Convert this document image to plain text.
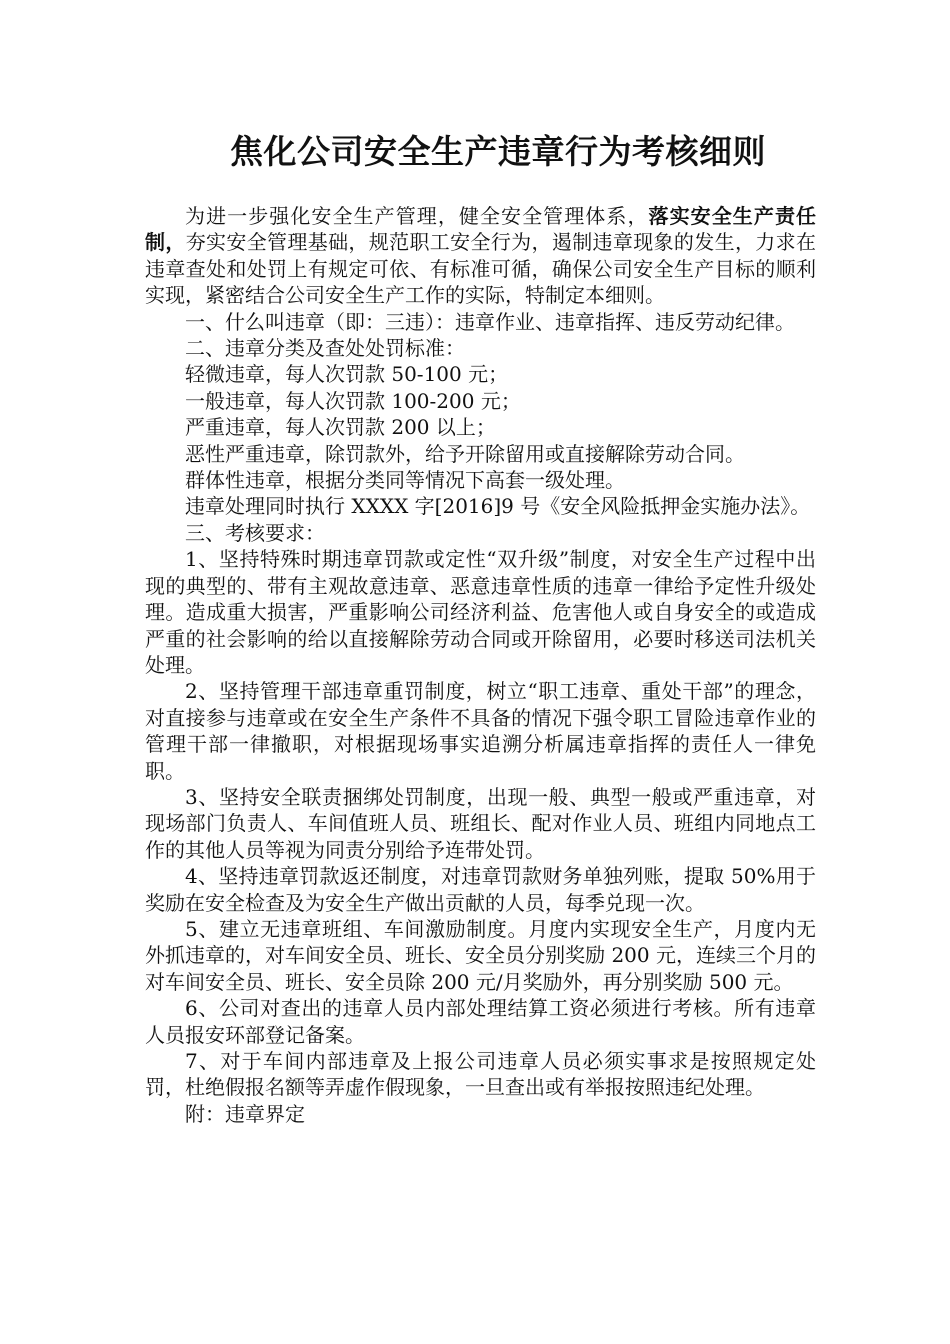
焦化公司安全生产违章行为考核细则

为进一步强化安全生产管理，健全安全管理体系，落实安全生产责任制，夯实安全管理基础，规范职工安全行为，遏制违章现象的发生，力求在违章查处和处罚上有规定可依、有标准可循，确保公司安全生产目标的顺利实现，紧密结合公司安全生产工作的实际，特制定本细则。

一、什么叫违章（即：三违）：违章作业、违章指挥、违反劳动纪律。

二、违章分类及查处处罚标准：

轻微违章，每人次罚款 50-100 元；

一般违章，每人次罚款 100-200 元；

严重违章，每人次罚款 200 以上；

恶性严重违章，除罚款外，给予开除留用或直接解除劳动合同。

群体性违章，根据分类同等情况下高套一级处理。

违章处理同时执行 XXXX 字[2016]9 号《安全风险抵押金实施办法》。

三、考核要求：

1、坚持特殊时期违章罚款或定性“双升级”制度，对安全生产过程中出现的典型的、带有主观故意违章、恶意违章性质的违章一律给予定性升级处理。造成重大损害，严重影响公司经济利益、危害他人或自身安全的或造成严重的社会影响的给以直接解除劳动合同或开除留用，必要时移送司法机关处理。

2、坚持管理干部违章重罚制度，树立“职工违章、重处干部”的理念，对直接参与违章或在安全生产条件不具备的情况下强令职工冒险违章作业的管理干部一律撤职，对根据现场事实追溯分析属违章指挥的责任人一律免职。

3、坚持安全联责捆绑处罚制度，出现一般、典型一般或严重违章，对现场部门负责人、车间值班人员、班组长、配对作业人员、班组内同地点工作的其他人员等视为同责分别给予连带处罚。

4、坚持违章罚款返还制度，对违章罚款财务单独列账，提取 50%用于奖励在安全检查及为安全生产做出贡献的人员，每季兑现一次。

5、建立无违章班组、车间激励制度。月度内实现安全生产，月度内无外抓违章的，对车间安全员、班长、安全员分别奖励 200 元，连续三个月的对车间安全员、班长、安全员除 200 元/月奖励外，再分别奖励 500 元。

6、公司对查出的违章人员内部处理结算工资必须进行考核。所有违章人员报安环部登记备案。

7、对于车间内部违章及上报公司违章人员必须实事求是按照规定处罚，杜绝假报名额等弄虚作假现象，一旦查出或有举报按照违纪处理。

附：违章界定
